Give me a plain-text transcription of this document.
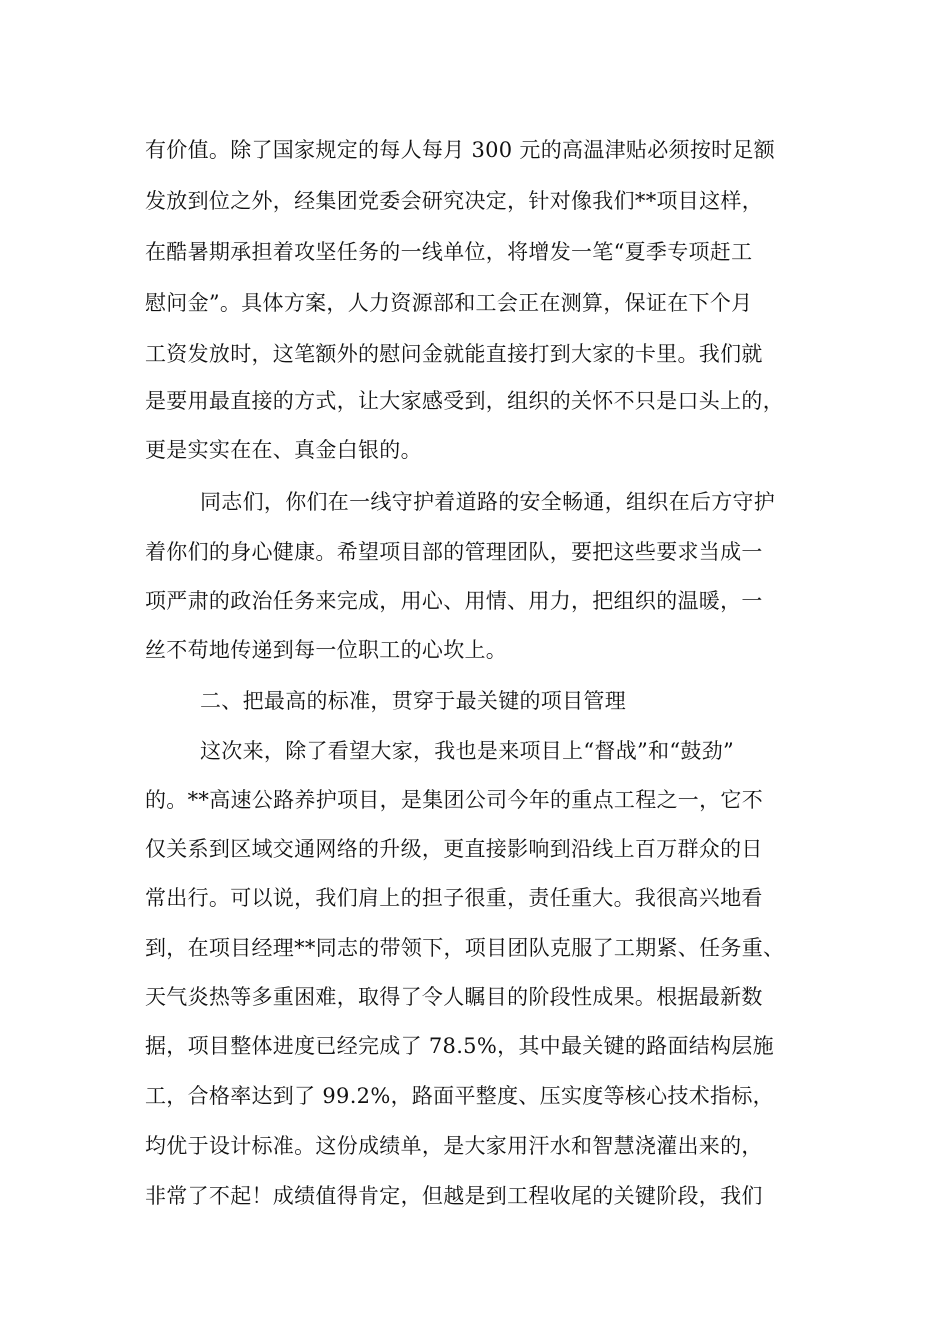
有价值。除了国家规定的每人每月 300 元的高温津贴必须按时足额
发放到位之外，经集团党委会研究决定，针对像我们**项目这样，
在酷暑期承担着攻坚任务的一线单位，将增发一笔“夏季专项赶工
慰问金”。具体方案，人力资源部和工会正在测算，保证在下个月
工资发放时，这笔额外的慰问金就能直接打到大家的卡里。我们就
是要用最直接的方式，让大家感受到，组织的关怀不只是口头上的，
更是实实在在、真金白银的。
同志们，你们在一线守护着道路的安全畅通，组织在后方守护
着你们的身心健康。希望项目部的管理团队，要把这些要求当成一
项严肃的政治任务来完成，用心、用情、用力，把组织的温暖，一
丝不苟地传递到每一位职工的心坎上。
二、把最高的标准，贯穿于最关键的项目管理
这次来，除了看望大家，我也是来项目上“督战”和“鼓劲”
的。**高速公路养护项目，是集团公司今年的重点工程之一，它不
仅关系到区域交通网络的升级，更直接影响到沿线上百万群众的日
常出行。可以说，我们肩上的担子很重，责任重大。我很高兴地看
到，在项目经理**同志的带领下，项目团队克服了工期紧、任务重、
天气炎热等多重困难，取得了令人瞩目的阶段性成果。根据最新数
据，项目整体进度已经完成了 78.5%，其中最关键的路面结构层施
工，合格率达到了 99.2%，路面平整度、压实度等核心技术指标，
均优于设计标准。这份成绩单，是大家用汗水和智慧浇灌出来的，
非常了不起！成绩值得肯定，但越是到工程收尾的关键阶段，我们
